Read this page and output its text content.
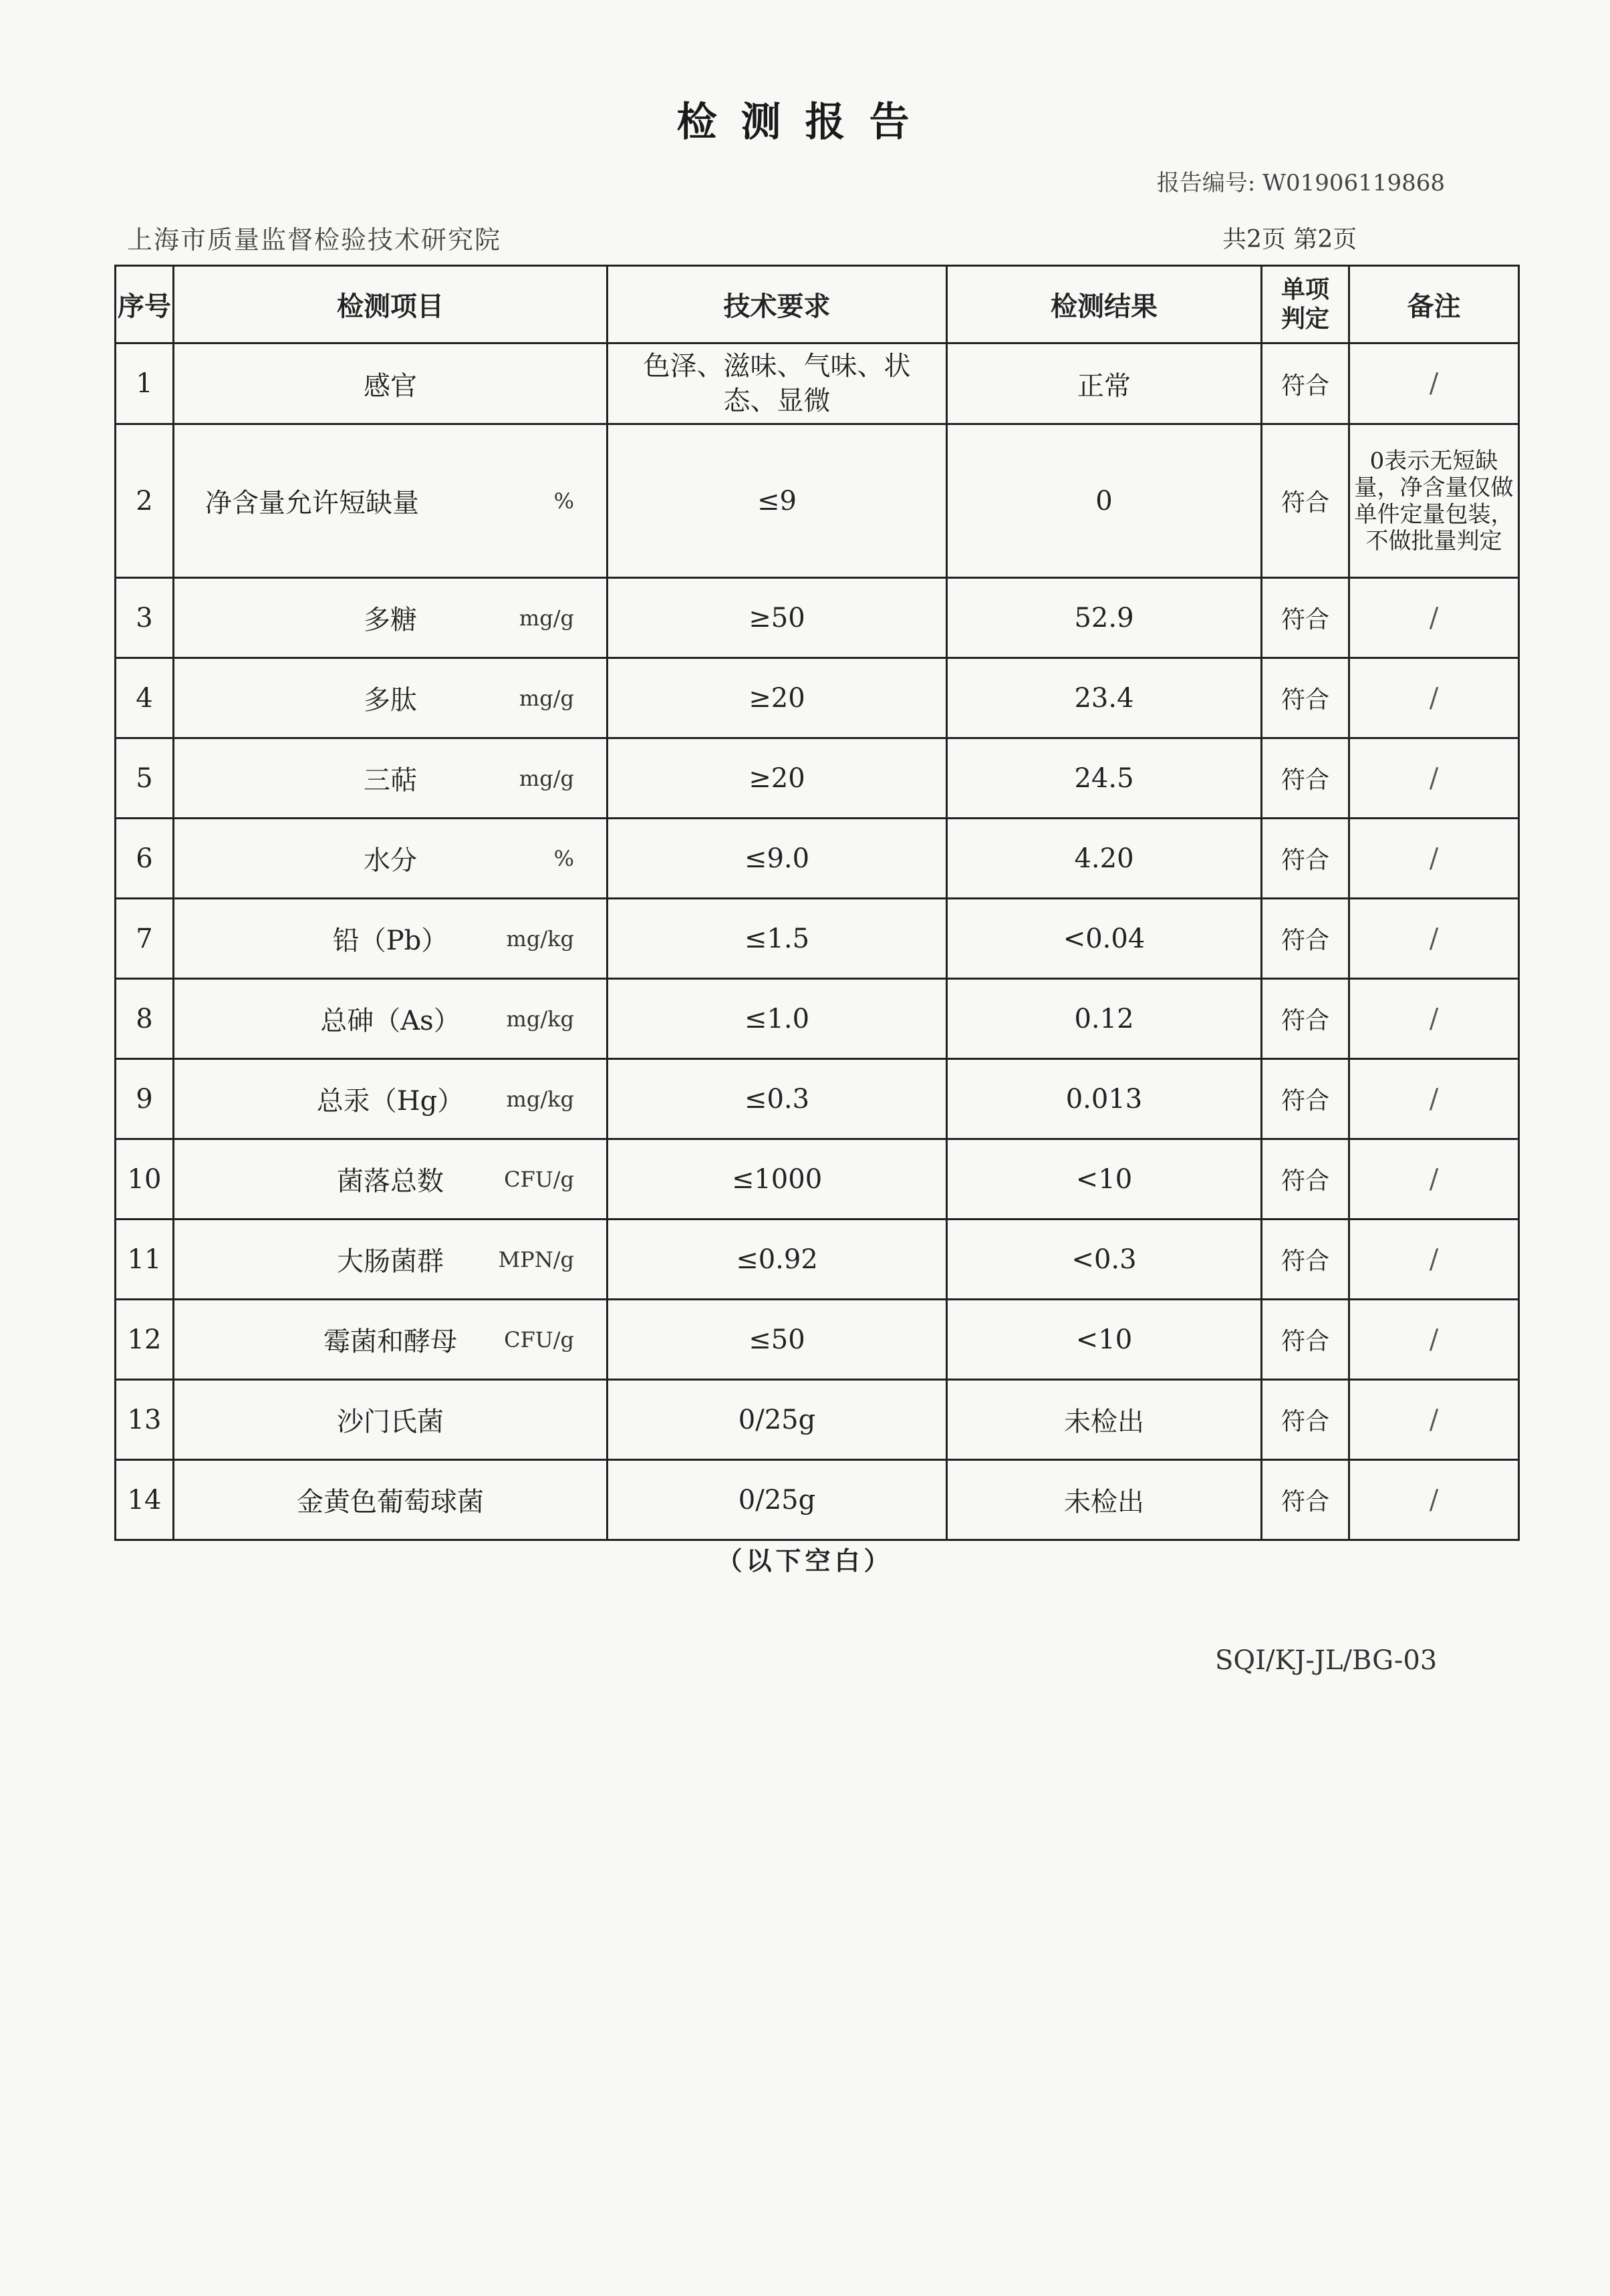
检测报告
报告编号: W01906119868
上海市质量监督检验技术研究院	共2页 第2页
序号	检测项目	技术要求	检测结果	单项判定	备注
1	感官	色泽、滋味、气味、状态、显微	正常	符合	/
2	净含量允许短缺量 %	≤9	0	符合	0表示无短缺量，净含量仅做单件定量包装，不做批量判定
3	多糖 mg/g	≥50	52.9	符合	/
4	多肽 mg/g	≥20	23.4	符合	/
5	三萜 mg/g	≥20	24.5	符合	/
6	水分 %	≤9.0	4.20	符合	/
7	铅（Pb） mg/kg	≤1.5	<0.04	符合	/
8	总砷（As） mg/kg	≤1.0	0.12	符合	/
9	总汞（Hg） mg/kg	≤0.3	0.013	符合	/
10	菌落总数 CFU/g	≤1000	<10	符合	/
11	大肠菌群 MPN/g	≤0.92	<0.3	符合	/
12	霉菌和酵母 CFU/g	≤50	<10	符合	/
13	沙门氏菌	0/25g	未检出	符合	/
14	金黄色葡萄球菌	0/25g	未检出	符合	/
（以下空白）
SQI/KJ-JL/BG-03
